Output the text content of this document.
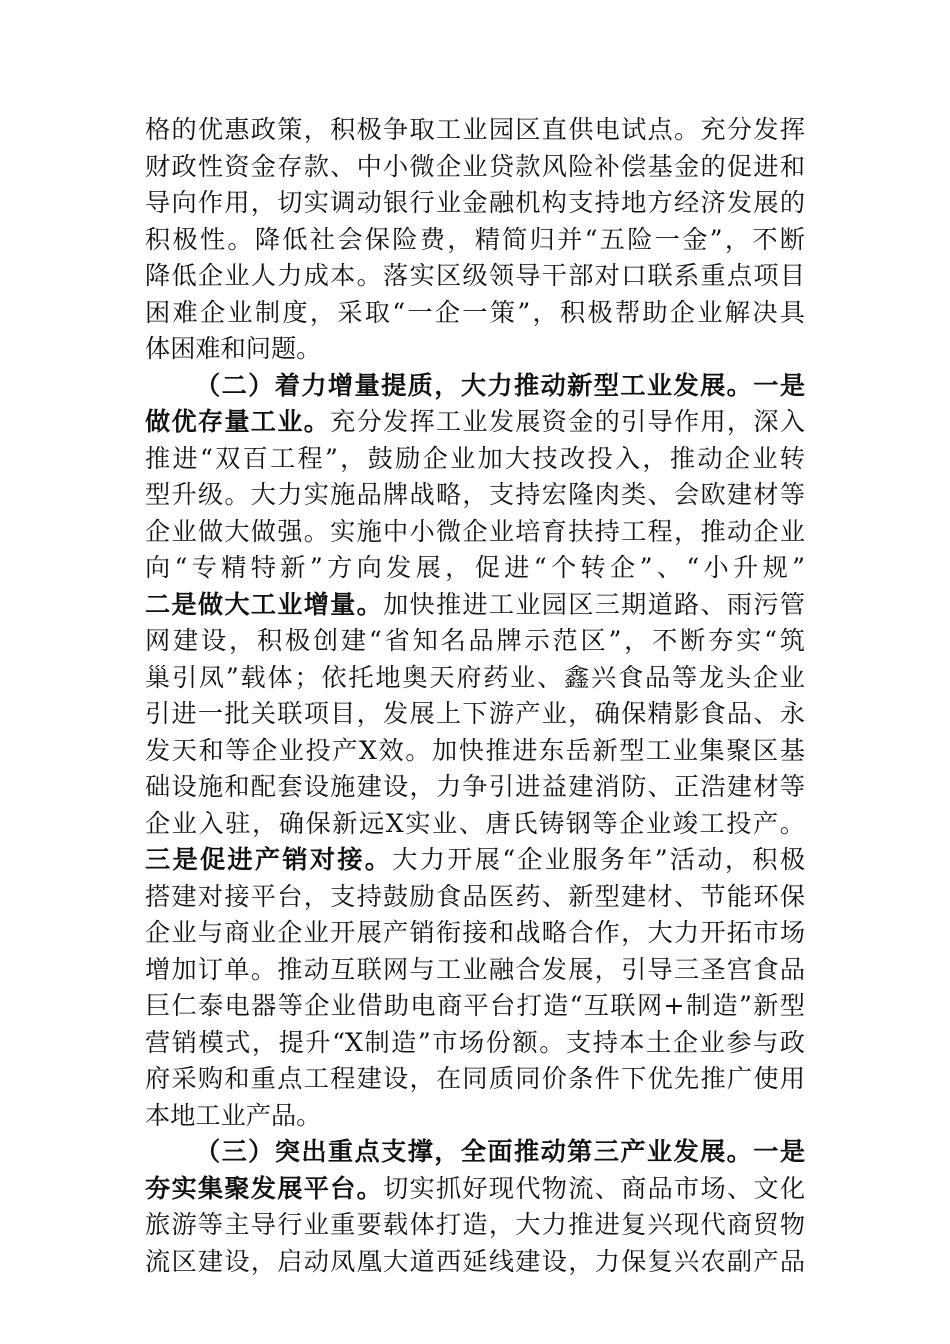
格的优惠政策，积极争取工业园区直供电试点。充分发挥
财政性资金存款、中小微企业贷款风险补偿基金的促进和
导向作用，切实调动银行业金融机构支持地方经济发展的
积极性。降低社会保险费，精简归并“五险一金”，不断
降低企业人力成本。落实区级领导干部对口联系重点项目
困难企业制度，采取“一企一策”，积极帮助企业解决具
体困难和问题。
（二）着力增量提质，大力推动新型工业发展。一是
做优存量工业。充分发挥工业发展资金的引导作用，深入
推进“双百工程”，鼓励企业加大技改投入，推动企业转
型升级。大力实施品牌战略，支持宏隆肉类、会欧建材等
企业做大做强。实施中小微企业培育扶持工程，推动企业
向“专精特新”方向发展，促进“个转企”、“小升规”
二是做大工业增量。加快推进工业园区三期道路、雨污管
网建设，积极创建“省知名品牌示范区”，不断夯实“筑
巢引凤”载体；依托地奥天府药业、鑫兴食品等龙头企业
引进一批关联项目，发展上下游产业，确保精影食品、永
发天和等企业投产X效。加快推进东岳新型工业集聚区基
础设施和配套设施建设，力争引进益建消防、正浩建材等
企业入驻，确保新远X实业、唐氏铸钢等企业竣工投产。
三是促进产销对接。大力开展“企业服务年”活动，积极
搭建对接平台，支持鼓励食品医药、新型建材、节能环保
企业与商业企业开展产销衔接和战略合作，大力开拓市场
增加订单。推动互联网与工业融合发展，引导三圣宫食品
巨仁泰电器等企业借助电商平台打造“互联网+制造”新型
营销模式，提升“X制造”市场份额。支持本土企业参与政
府采购和重点工程建设，在同质同价条件下优先推广使用
本地工业产品。
（三）突出重点支撑，全面推动第三产业发展。一是
夯实集聚发展平台。切实抓好现代物流、商品市场、文化
旅游等主导行业重要载体打造，大力推进复兴现代商贸物
流区建设，启动凤凰大道西延线建设，力保复兴农副产品
